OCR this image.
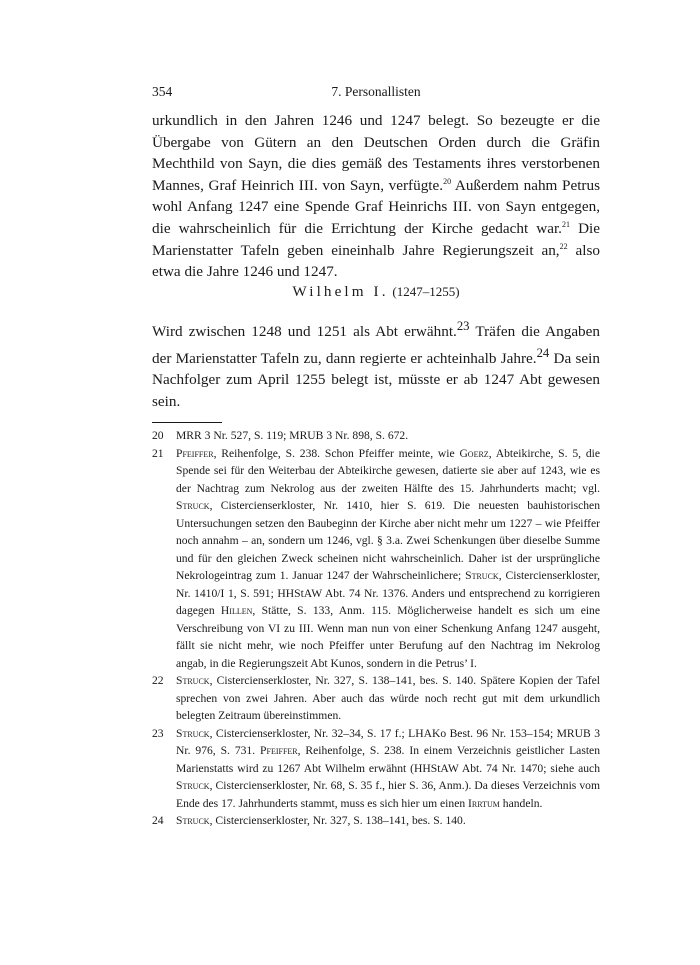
354	7. Personallisten

urkundlich in den Jahren 1246 und 1247 belegt. So bezeugte er die Übergabe von Gütern an den Deutschen Orden durch die Gräfin Mechthild von Sayn, die dies gemäß des Testaments ihres verstorbenen Mannes, Graf Heinrich III. von Sayn, verfügte.$^{20}$ Außerdem nahm Petrus wohl Anfang 1247 eine Spende Graf Heinrichs III. von Sayn entgegen, die wahrscheinlich für die Errichtung der Kirche gedacht war.$^{21}$ Die Marienstatter Tafeln geben eineinhalb Jahre Regierungszeit an,$^{22}$ also etwa die Jahre 1246 und 1247.

Wilhelm I. (1247–1255)

Wird zwischen 1248 und 1251 als Abt erwähnt.$^{23}$ Träfen die Angaben der Marienstatter Tafeln zu, dann regierte er achteinhalb Jahre.$^{24}$ Da sein Nachfolger zum April 1255 belegt ist, müsste er ab 1247 Abt gewesen sein.

20 MRR 3 Nr. 527, S. 119; MRUB 3 Nr. 898, S. 672.

21 Pfeiffer, Reihenfolge, S. 238. Schon Pfeiffer meinte, wie Goerz, Abteikirche, S. 5, die Spende sei für den Weiterbau der Abteikirche gewesen, datierte sie aber auf 1243, wie es der Nachtrag zum Nekrolog aus der zweiten Hälfte des 15. Jahrhunderts macht; vgl. Struck, Cistercienserkloster, Nr. 1410, hier S. 619. Die neuesten bauhistorischen Untersuchungen setzen den Baubeginn der Kirche aber nicht mehr um 1227 – wie Pfeiffer noch annahm – an, sondern um 1246, vgl. § 3.a. Zwei Schenkungen über dieselbe Summe und für den gleichen Zweck scheinen nicht wahrscheinlich. Daher ist der ursprüngliche Nekrologeintrag zum 1. Januar 1247 der Wahrscheinlichere; Struck, Cistercienserkloster, Nr. 1410/I 1, S. 591; HHStAW Abt. 74 Nr. 1376. Anders und entsprechend zu korrigieren dagegen Hillen, Stätte, S. 133, Anm. 115. Möglicherweise handelt es sich um eine Verschreibung von VI zu III. Wenn man nun von einer Schenkung Anfang 1247 ausgeht, fällt sie nicht mehr, wie noch Pfeiffer unter Berufung auf den Nachtrag im Nekrolog angab, in die Regierungszeit Abt Kunos, sondern in die Petrus’ I.

22 Struck, Cistercienserkloster, Nr. 327, S. 138–141, bes. S. 140. Spätere Kopien der Tafel sprechen von zwei Jahren. Aber auch das würde noch recht gut mit dem urkundlich belegten Zeitraum übereinstimmen.

23 Struck, Cistercienserkloster, Nr. 32–34, S. 17 f.; LHAKo Best. 96 Nr. 153–154; MRUB 3 Nr. 976, S. 731. Pfeiffer, Reihenfolge, S. 238. In einem Verzeichnis geistlicher Lasten Marienstatts wird zu 1267 Abt Wilhelm erwähnt (HHStAW Abt. 74 Nr. 1470; siehe auch Struck, Cistercienserkloster, Nr. 68, S. 35 f., hier S. 36, Anm.). Da dieses Verzeichnis vom Ende des 17. Jahrhunderts stammt, muss es sich hier um einen Irrtum handeln.

24 Struck, Cistercienserkloster, Nr. 327, S. 138–141, bes. S. 140.
